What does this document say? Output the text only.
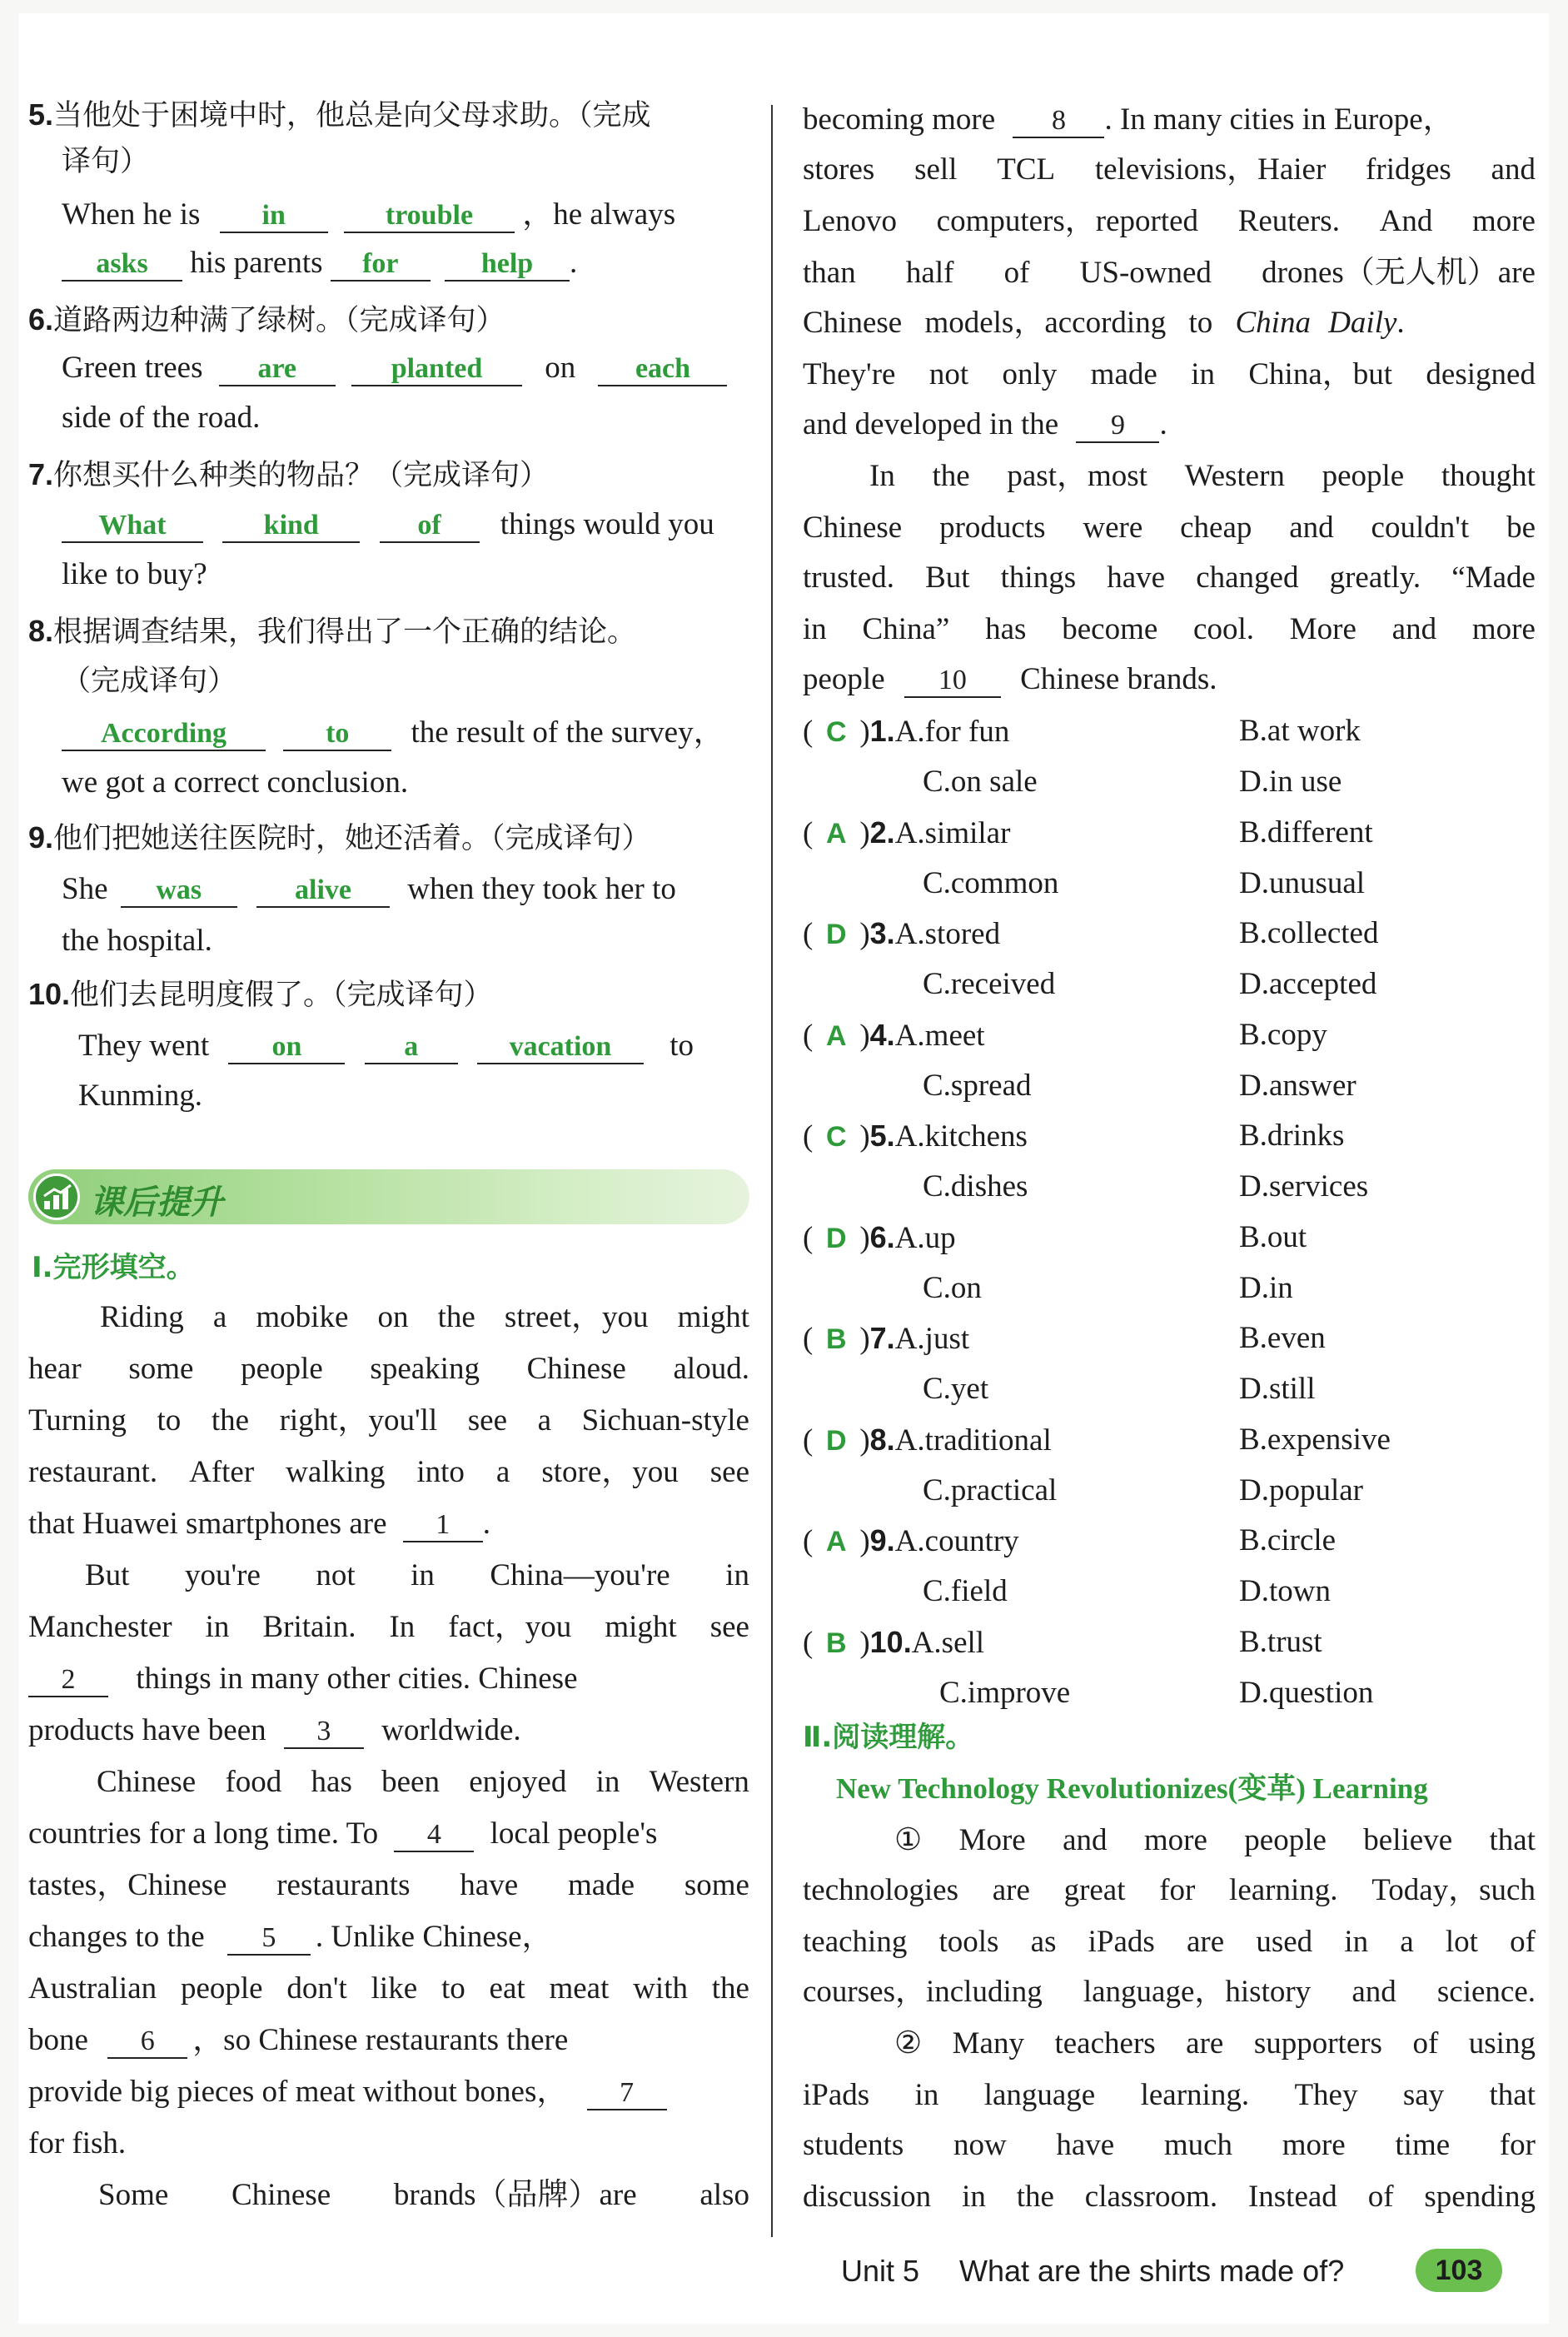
5.当他处于困境中时，他总是向父母求助。（完成
译句）
When he is in	trouble ，he always
asks his parents for	help .
6.道路两边种满了绿树。（完成译句）
Green trees are	planted on each
side of the road.
7.你想买什么种类的物品？（完成译句）
What	kind	of things would you
like to buy?
8.根据调查结果，我们得出了一个正确的结论。
（完成译句）
According	to the result of the survey，
we got a correct conclusion.
9.他们把她送往医院时，她还活着。（完成译句）
She was	alive when they took her to
the hospital.
10.他们去昆明度假了。（完成译句）
They went on	a	vacation to
Kunming.
课后提升
Ⅰ.完形填空。
Riding a mobike on the street，you might
hear some people speaking Chinese aloud.
Turning to the right，you'll see a Sichuan-style
restaurant. After walking into a store，you see
that Huawei smartphones are 1 .
But you're not in China—you're in
Manchester in Britain. In fact，you might see
2 things in many other cities. Chinese
products have been 3 worldwide.
Chinese food has been enjoyed in Western
countries for a long time. To 4 local people's
tastes，Chinese restaurants have made some
changes to the 5 . Unlike Chinese，
Australian people don't like to eat meat with the
bone 6 ，so Chinese restaurants there
provide big pieces of meat without bones， 7
for fish.
Some Chinese brands（品牌）are also
becoming more 8 . In many cities in Europe，
stores sell TCL televisions，Haier fridges and
Lenovo computers，reported Reuters. And more
than half of US-owned drones（无人机）are
Chinese models，according to China Daily.
They're not only made in China，but designed
and developed in the 9 .
In the past，most Western people thought
Chinese products were cheap and couldn't be
trusted. But things have changed greatly. “Made
in China” has become cool. More and more
people 10 Chinese brands.
( C )1.A.for fun	B.at work
C.on sale	D.in use
( A )2.A.similar	B.different
C.common	D.unusual
( D )3.A.stored	B.collected
C.received	D.accepted
( A )4.A.meet	B.copy
C.spread	D.answer
( C )5.A.kitchens	B.drinks
C.dishes	D.services
( D )6.A.up	B.out
C.on	D.in
( B )7.A.just	B.even
C.yet	D.still
( D )8.A.traditional	B.expensive
C.practical	D.popular
( A )9.A.country	B.circle
C.field	D.town
( B )10.A.sell	B.trust
C.improve	D.question
Ⅱ.阅读理解。
New Technology Revolutionizes(变革) Learning
① More and more people believe that
technologies are great for learning. Today，such
teaching tools as iPads are used in a lot of
courses，including language，history and science.
② Many teachers are supporters of using
iPads in language learning. They say that
students now have much more time for
discussion in the classroom. Instead of spending
Unit 5 What are the shirts made of?	103
